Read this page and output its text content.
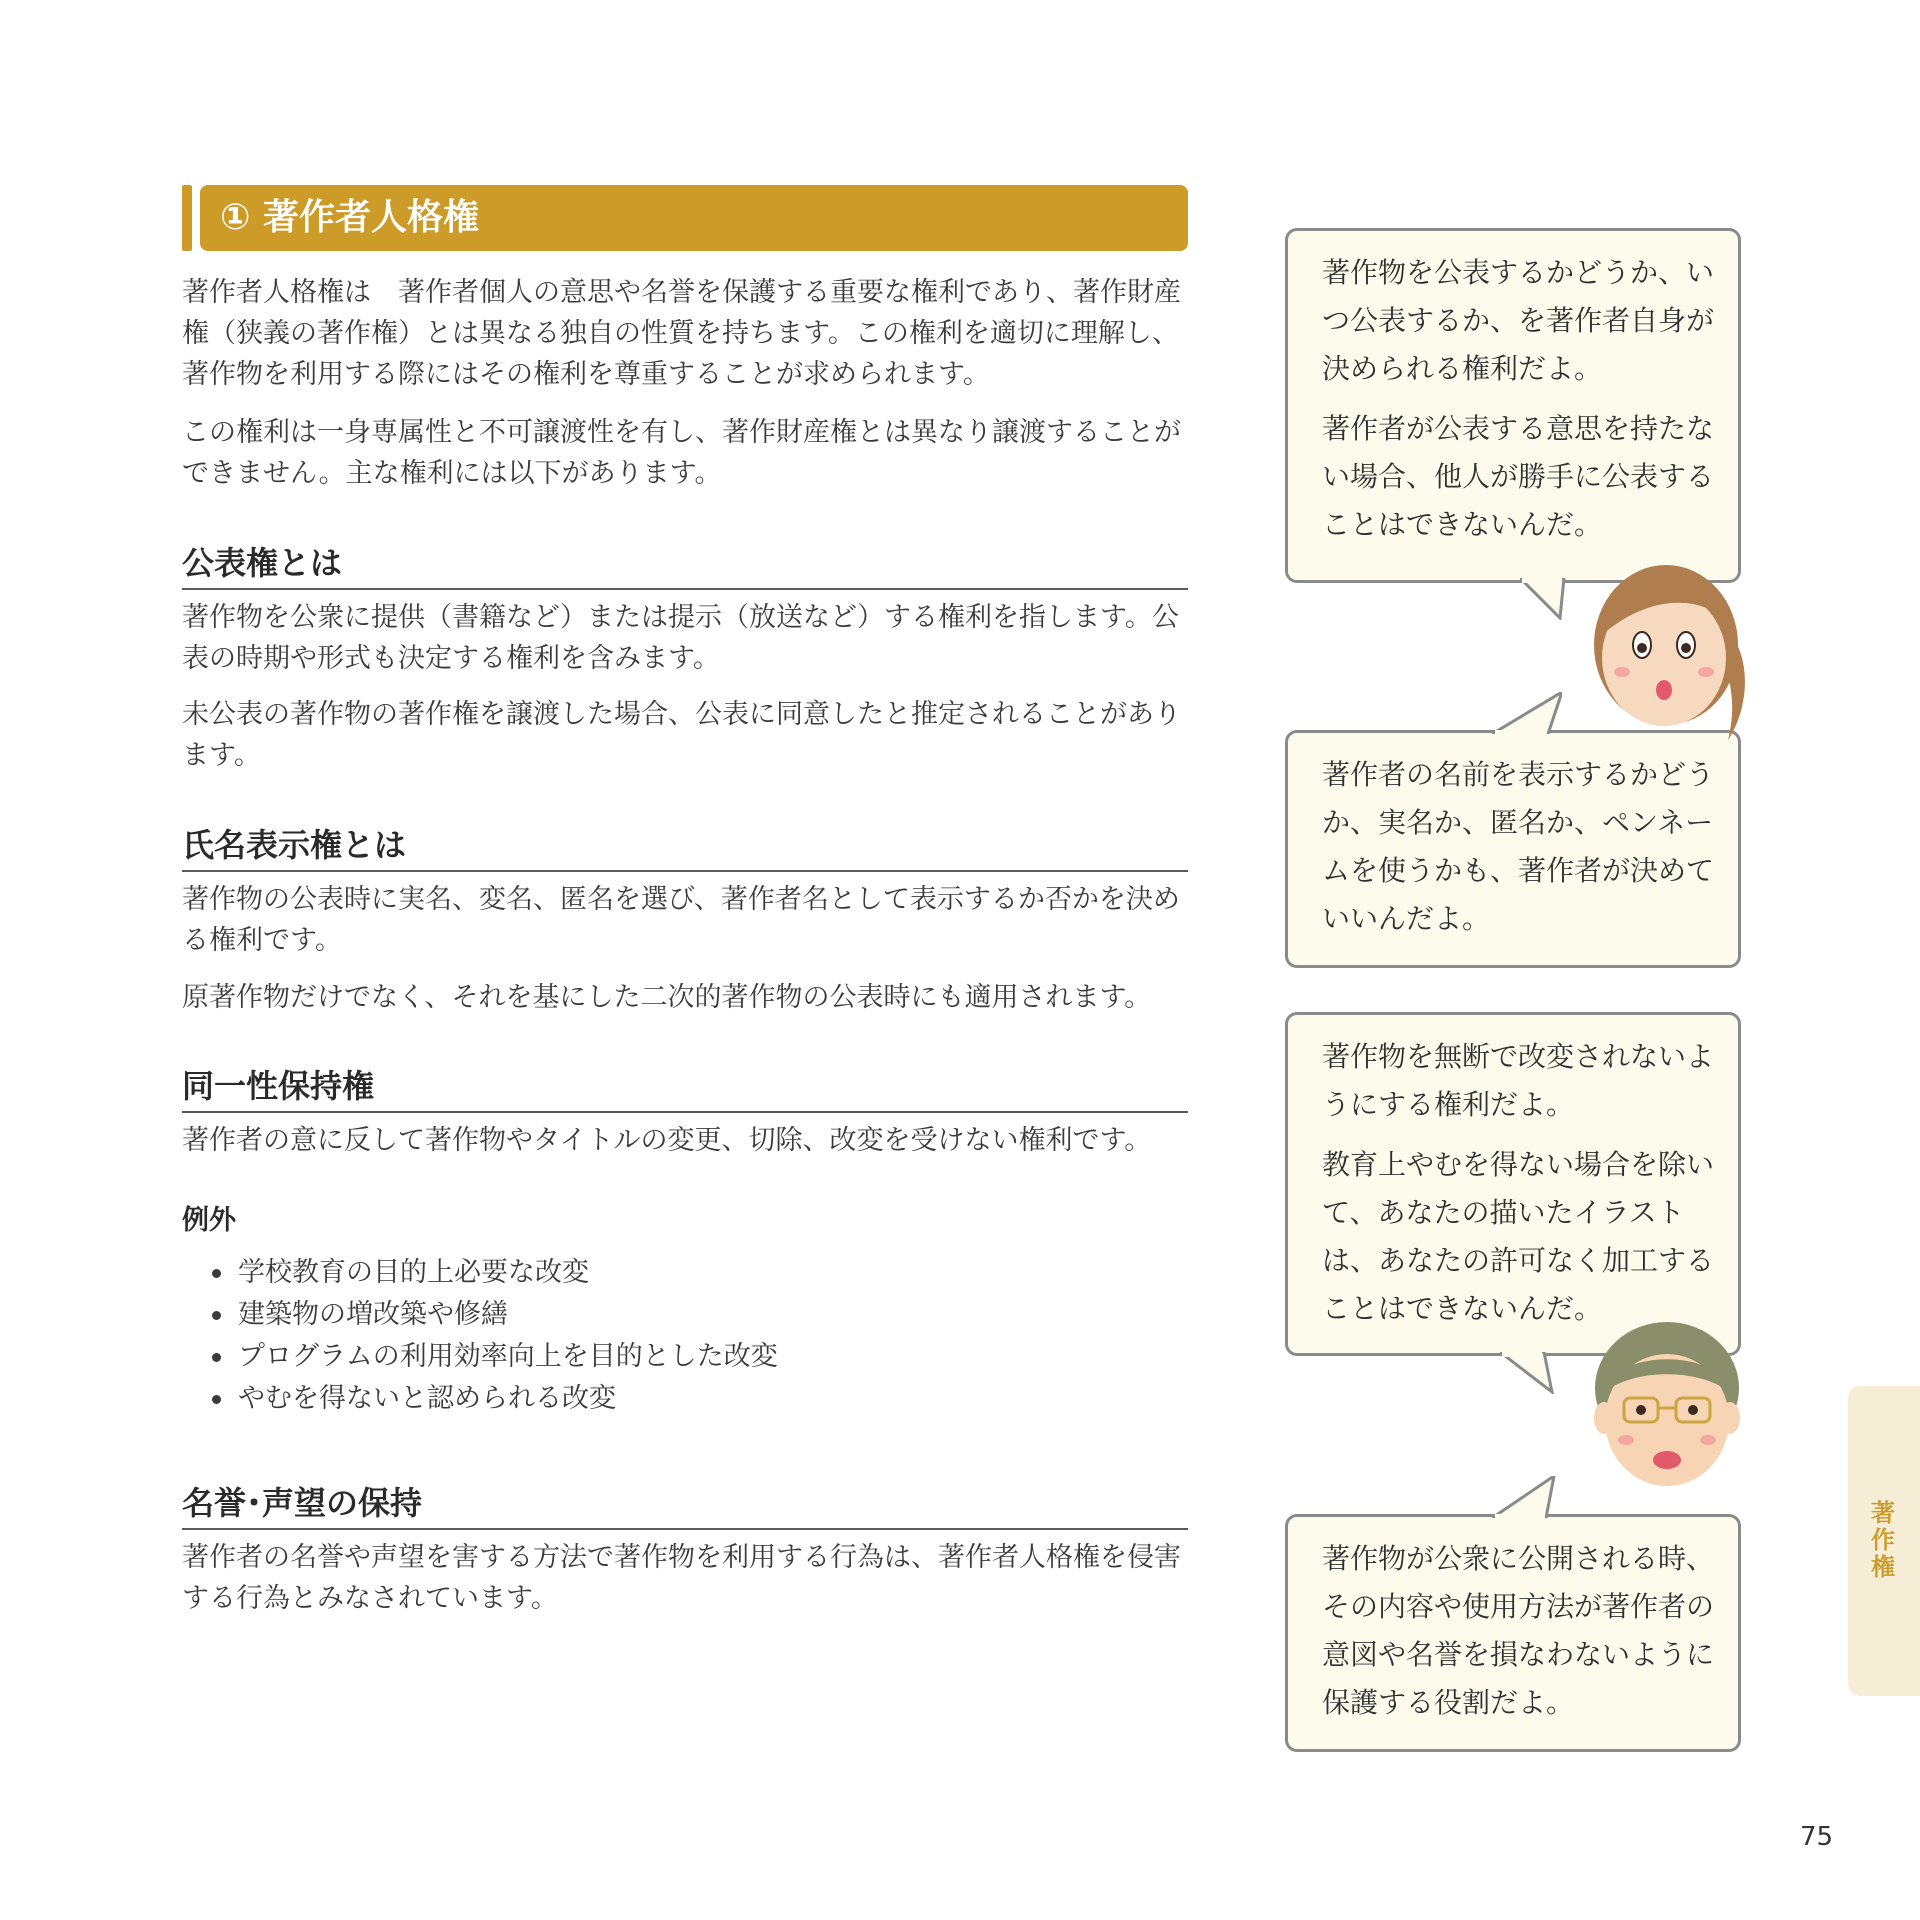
① 著作者人格権

著作者人格権は　著作者個人の意思や名誉を保護する重要な権利であり、著作財産権（狭義の著作権）とは異なる独自の性質を持ちます。この権利を適切に理解し、著作物を利用する際にはその権利を尊重することが求められます。

この権利は一身専属性と不可譲渡性を有し、著作財産権とは異なり譲渡することができません。主な権利には以下があります。

公表権とは

著作物を公衆に提供（書籍など）または提示（放送など）する権利を指します。公表の時期や形式も決定する権利を含みます。

未公表の著作物の著作権を譲渡した場合、公表に同意したと推定されることがあります。

氏名表示権とは

著作物の公表時に実名、変名、匿名を選び、著作者名として表示するか否かを決める権利です。

原著作物だけでなく、それを基にした二次的著作物の公表時にも適用されます。

同一性保持権

著作者の意に反して著作物やタイトルの変更、切除、改変を受けない権利です。

例外
学校教育の目的上必要な改変
建築物の増改築や修繕
プログラムの利用効率向上を目的とした改変
やむを得ないと認められる改変
名誉･声望の保持

著作者の名誉や声望を害する方法で著作物を利用する行為は、著作者人格権を侵害する行為とみなされています。

著作物を公表するかどうか、いつ公表するか、を著作者自身が決められる権利だよ。

著作者が公表する意思を持たない場合、他人が勝手に公表することはできないんだ。

著作者の名前を表示するかどうか、実名か、匿名か、ペンネームを使うかも、著作者が決めていいんだよ。

著作物を無断で改変されないようにする権利だよ。

教育上やむを得ない場合を除いて、あなたの描いたイラストは、あなたの許可なく加工することはできないんだ。

著作物が公衆に公開される時、その内容や使用方法が著作者の意図や名誉を損なわないように保護する役割だよ。

著作権
75
